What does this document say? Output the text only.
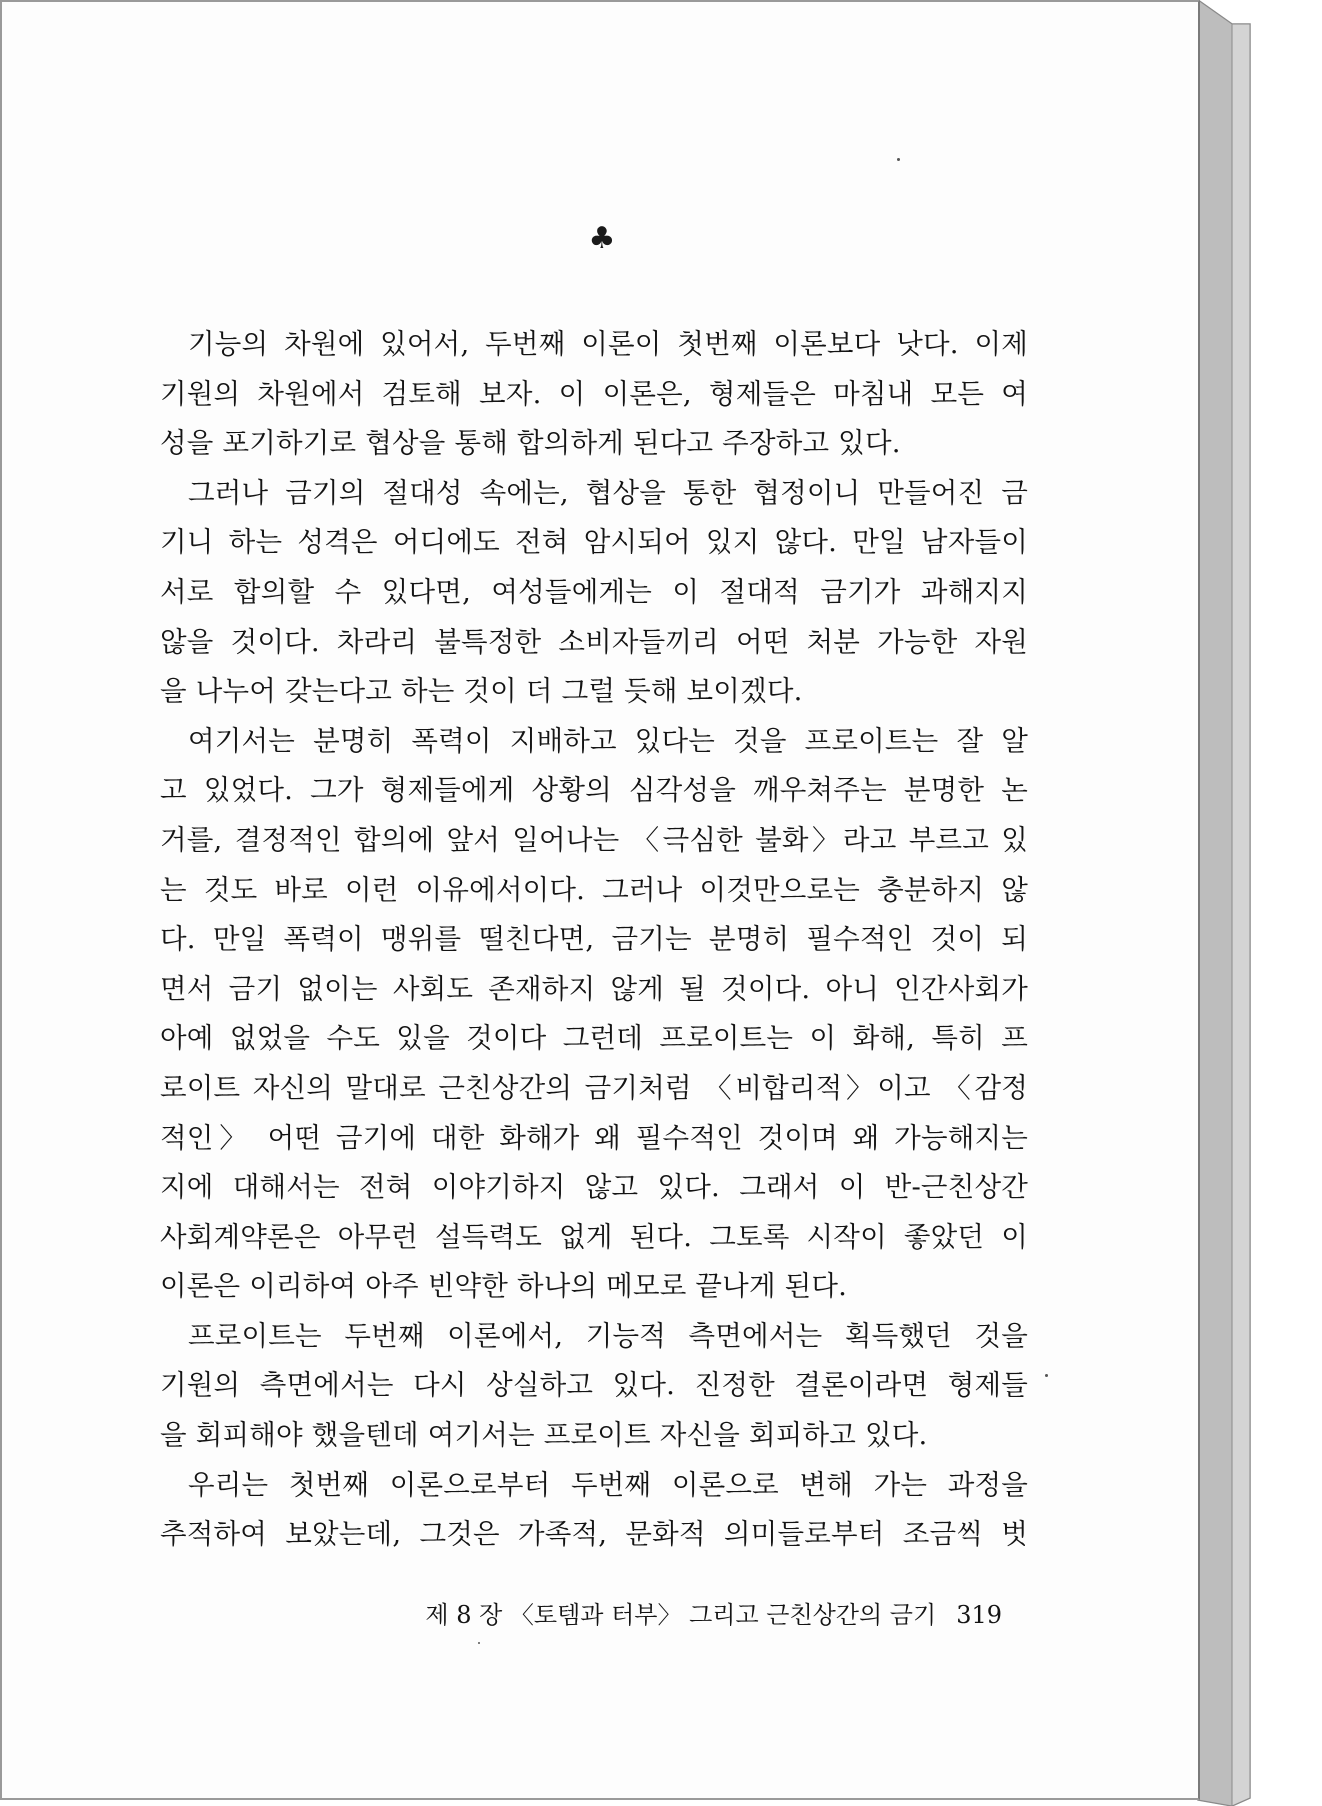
♣
기능의 차원에 있어서, 두번째 이론이 첫번째 이론보다 낫다. 이제
기원의 차원에서 검토해 보자. 이 이론은, 형제들은 마침내 모든 여
성을 포기하기로 협상을 통해 합의하게 된다고 주장하고 있다.
그러나 금기의 절대성 속에는, 협상을 통한 협정이니 만들어진 금
기니 하는 성격은 어디에도 전혀 암시되어 있지 않다. 만일 남자들이
서로 합의할 수 있다면, 여성들에게는 이 절대적 금기가 과해지지
않을 것이다. 차라리 불특정한 소비자들끼리 어떤 처분 가능한 자원
을 나누어 갖는다고 하는 것이 더 그럴 듯해 보이겠다.
여기서는 분명히 폭력이 지배하고 있다는 것을 프로이트는 잘 알
고 있었다. 그가 형제들에게 상황의 심각성을 깨우쳐주는 분명한 논
거를, 결정적인 합의에 앞서 일어나는 〈극심한 불화〉라고 부르고 있
는 것도 바로 이런 이유에서이다. 그러나 이것만으로는 충분하지 않
다. 만일 폭력이 맹위를 떨친다면, 금기는 분명히 필수적인 것이 되
면서 금기 없이는 사회도 존재하지 않게 될 것이다. 아니 인간사회가
아예 없었을 수도 있을 것이다 그런데 프로이트는 이 화해, 특히 프
로이트 자신의 말대로 근친상간의 금기처럼 〈비합리적〉이고 〈감정
적인〉 어떤 금기에 대한 화해가 왜 필수적인 것이며 왜 가능해지는
지에 대해서는 전혀 이야기하지 않고 있다. 그래서 이 반-근친상간
사회계약론은 아무런 설득력도 없게 된다. 그토록 시작이 좋았던 이
이론은 이리하여 아주 빈약한 하나의 메모로 끝나게 된다.
프로이트는 두번째 이론에서, 기능적 측면에서는 획득했던 것을
기원의 측면에서는 다시 상실하고 있다. 진정한 결론이라면 형제들
을 회피해야 했을텐데 여기서는 프로이트 자신을 회피하고 있다.
우리는 첫번째 이론으로부터 두번째 이론으로 변해 가는 과정을
추적하여 보았는데, 그것은 가족적, 문화적 의미들로부터 조금씩 벗
제 8 장 〈토템과 터부〉 그리고 근친상간의 금기 319
